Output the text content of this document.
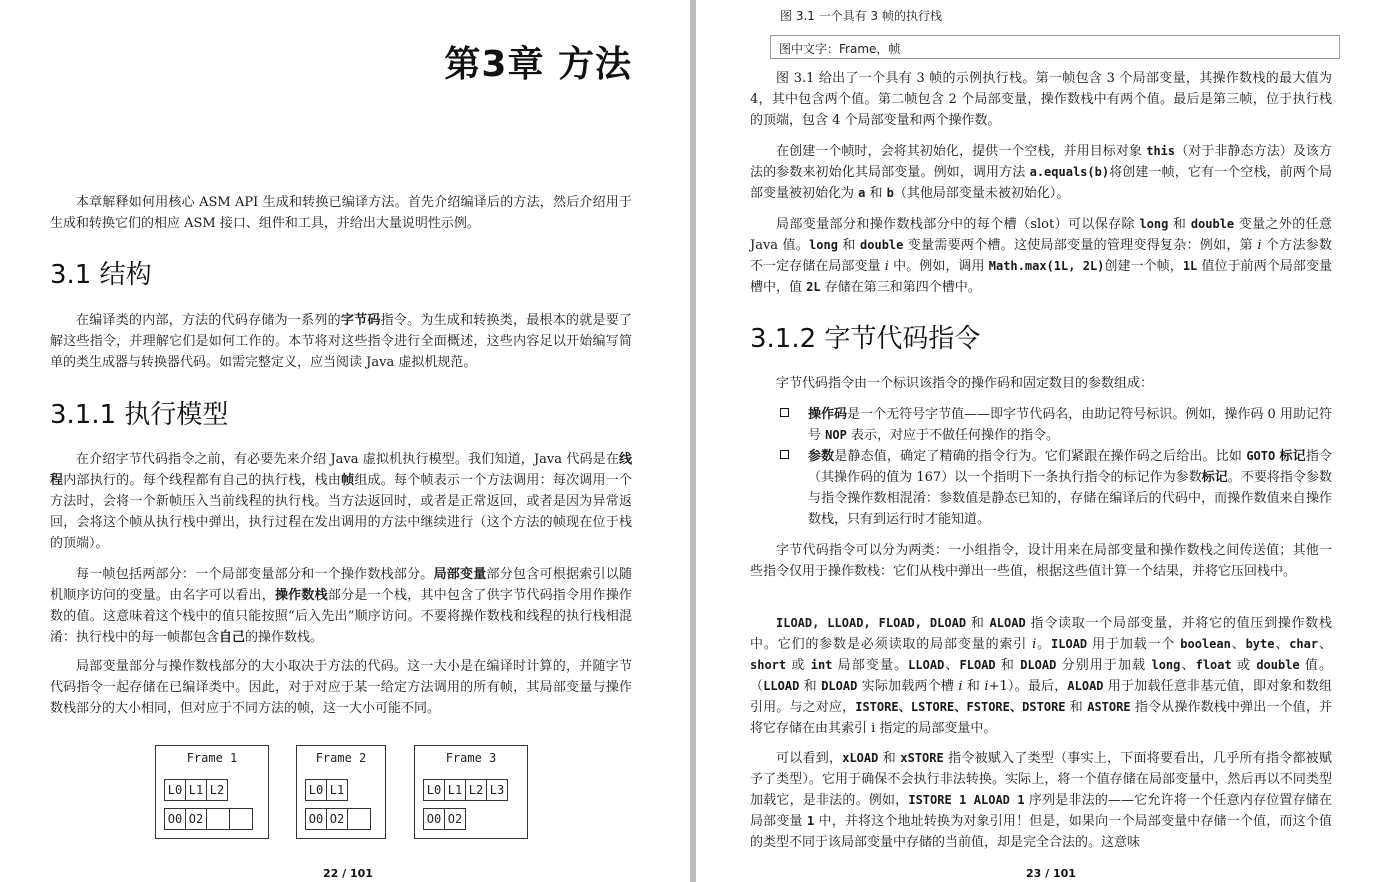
第3章 方法

本章解释如何用核心 ASM API 生成和转换已编译方法。首先介绍编译后的方法，然后介绍用于生成和转换它们的相应 ASM 接口、组件和工具，并给出大量说明性示例。

3.1 结构

在编译类的内部，方法的代码存储为一系列的字节码指令。为生成和转换类，最根本的就是要了解这些指令，并理解它们是如何工作的。本节将对这些指令进行全面概述，这些内容足以开始编写简单的类生成器与转换器代码。如需完整定义，应当阅读 Java 虚拟机规范。

3.1.1 执行模型

在介绍字节代码指令之前，有必要先来介绍 Java 虚拟机执行模型。我们知道，Java 代码是在线程内部执行的。每个线程都有自己的执行栈，栈由帧组成。每个帧表示一个方法调用：每次调用一个方法时，会将一个新帧压入当前线程的执行栈。当方法返回时，或者是正常返回，或者是因为异常返回，会将这个帧从执行栈中弹出，执行过程在发出调用的方法中继续进行（这个方法的帧现在位于栈的顶端）。

每一帧包括两部分：一个局部变量部分和一个操作数栈部分。局部变量部分包含可根据索引以随机顺序访问的变量。由名字可以看出，操作数栈部分是一个栈，其中包含了供字节代码指令用作操作数的值。这意味着这个栈中的值只能按照“后入先出”顺序访问。不要将操作数栈和线程的执行栈相混淆：执行栈中的每一帧都包含自己的操作数栈。

局部变量部分与操作数栈部分的大小取决于方法的代码。这一大小是在编译时计算的，并随字节代码指令一起存储在已编译类中。因此，对于对应于某一给定方法调用的所有帧，其局部变量与操作数栈部分的大小相同，但对应于不同方法的帧，这一大小可能不同。

Frame 1
L0 L1 L2
O0 O2
Frame 2
L0 L1
O0 O2
Frame 3
L0 L1 L2 L3
O0 O2
22 / 101
图 3.1 一个具有 3 帧的执行栈
图中文字：Frame，帧

图 3.1 给出了一个具有 3 帧的示例执行栈。第一帧包含 3 个局部变量，其操作数栈的最大值为 4，其中包含两个值。第二帧包含 2 个局部变量，操作数栈中有两个值。最后是第三帧，位于执行栈的顶端，包含 4 个局部变量和两个操作数。

在创建一个帧时，会将其初始化，提供一个空栈，并用目标对象 this（对于非静态方法）及该方法的参数来初始化其局部变量。例如，调用方法 a.equals(b)将创建一帧，它有一个空栈，前两个局部变量被初始化为 a 和 b（其他局部变量未被初始化）。

局部变量部分和操作数栈部分中的每个槽（slot）可以保存除 long 和 double 变量之外的任意 Java 值。long 和 double 变量需要两个槽。这使局部变量的管理变得复杂：例如，第 i 个方法参数不一定存储在局部变量 i 中。例如，调用 Math.max(1L, 2L)创建一个帧，1L 值位于前两个局部变量槽中，值 2L 存储在第三和第四个槽中。

3.1.2 字节代码指令

字节代码指令由一个标识该指令的操作码和固定数目的参数组成：

操作码是一个无符号字节值——即字节代码名，由助记符号标识。例如，操作码 0 用助记符号 NOP 表示，对应于不做任何操作的指令。
参数是静态值，确定了精确的指令行为。它们紧跟在操作码之后给出。比如 GOTO 标记指令（其操作码的值为 167）以一个指明下一条执行指令的标记作为参数标记。不要将指令参数与指令操作数相混淆：参数值是静态已知的，存储在编译后的代码中，而操作数值来自操作数栈，只有到运行时才能知道。

字节代码指令可以分为两类：一小组指令，设计用来在局部变量和操作数栈之间传送值；其他一些指令仅用于操作数栈：它们从栈中弹出一些值，根据这些值计算一个结果，并将它压回栈中。

ILOAD, LLOAD, FLOAD, DLOAD 和 ALOAD 指令读取一个局部变量，并将它的值压到操作数栈中。它们的参数是必须读取的局部变量的索引 i。ILOAD 用于加载一个 boolean、byte、char、short 或 int 局部变量。LLOAD、FLOAD 和 DLOAD 分别用于加载 long、float 或 double 值。（LLOAD 和 DLOAD 实际加载两个槽 i 和 i+1）。最后，ALOAD 用于加载任意非基元值，即对象和数组引用。与之对应，ISTORE、LSTORE、FSTORE、DSTORE 和 ASTORE 指令从操作数栈中弹出一个值，并将它存储在由其索引 i 指定的局部变量中。

可以看到，xLOAD 和 xSTORE 指令被赋入了类型（事实上，下面将要看出，几乎所有指令都被赋予了类型）。它用于确保不会执行非法转换。实际上，将一个值存储在局部变量中，然后再以不同类型加载它，是非法的。例如，ISTORE 1 ALOAD 1 序列是非法的——它允许将一个任意内存位置存储在局部变量 1 中，并将这个地址转换为对象引用！但是，如果向一个局部变量中存储一个值，而这个值的类型不同于该局部变量中存储的当前值，却是完全合法的。这意味

23 / 101
